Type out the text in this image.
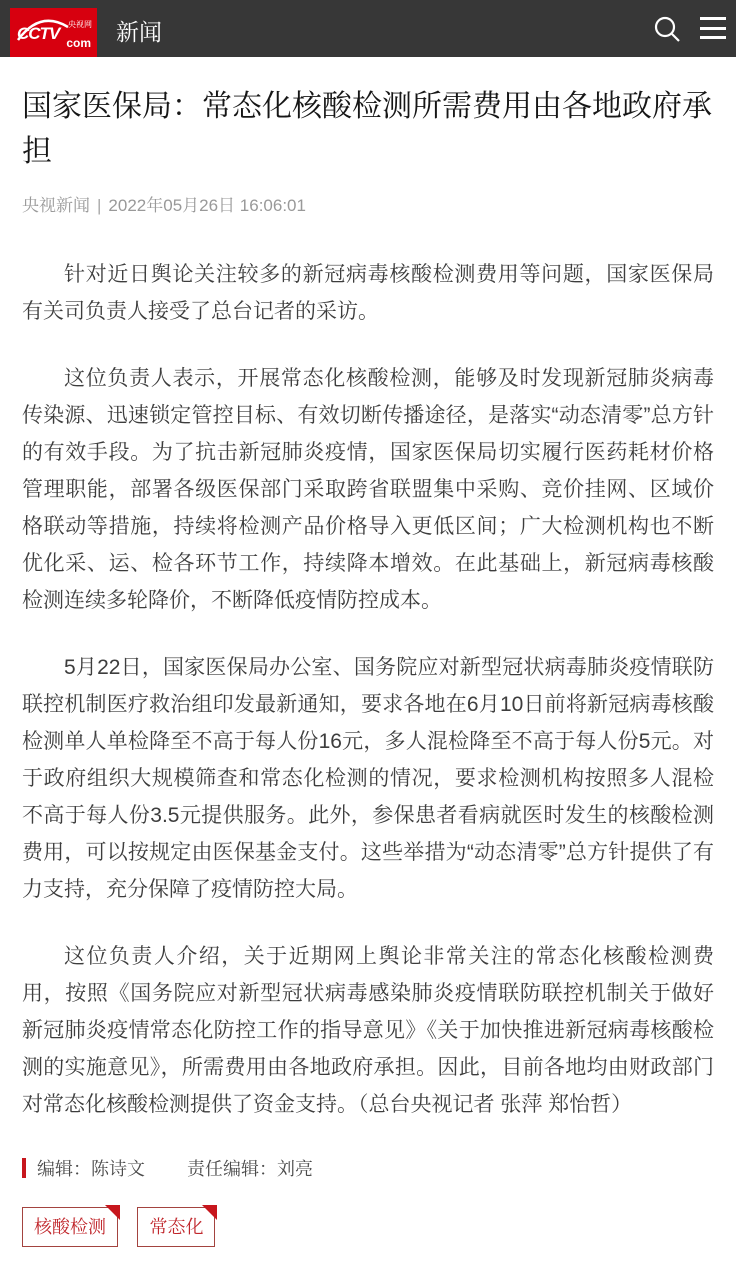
CCTV 央视网
com 新闻
国家医保局：常态化核酸检测所需费用由各地政府承担
央视新闻 | 2022年05月26日 16:06:01

针对近日舆论关注较多的新冠病毒核酸检测费用等问题，国家医保局有关司负责人接受了总台记者的采访。

这位负责人表示，开展常态化核酸检测，能够及时发现新冠肺炎病毒传染源、迅速锁定管控目标、有效切断传播途径，是落实“动态清零”总方针的有效手段。为了抗击新冠肺炎疫情，国家医保局切实履行医药耗材价格管理职能，部署各级医保部门采取跨省联盟集中采购、竞价挂网、区域价格联动等措施，持续将检测产品价格导入更低区间；广大检测机构也不断优化采、运、检各环节工作，持续降本增效。在此基础上，新冠病毒核酸检测连续多轮降价，不断降低疫情防控成本。

5月22日，国家医保局办公室、国务院应对新型冠状病毒肺炎疫情联防联控机制医疗救治组印发最新通知，要求各地在6月10日前将新冠病毒核酸检测单人单检降至不高于每人份16元，多人混检降至不高于每人份5元。对于政府组织大规模筛查和常态化检测的情况，要求检测机构按照多人混检不高于每人份3.5元提供服务。此外，参保患者看病就医时发生的核酸检测费用，可以按规定由医保基金支付。这些举措为“动态清零”总方针提供了有力支持，充分保障了疫情防控大局。

这位负责人介绍，关于近期网上舆论非常关注的常态化核酸检测费用，按照《国务院应对新型冠状病毒感染肺炎疫情联防联控机制关于做好新冠肺炎疫情常态化防控工作的指导意见》《关于加快推进新冠病毒核酸检测的实施意见》，所需费用由各地政府承担。因此，目前各地均由财政部门对常态化核酸检测提供了资金支持。（总台央视记者 张萍 郑怡哲）

编辑： 陈诗文 责任编辑： 刘亮
核酸检测 常态化
